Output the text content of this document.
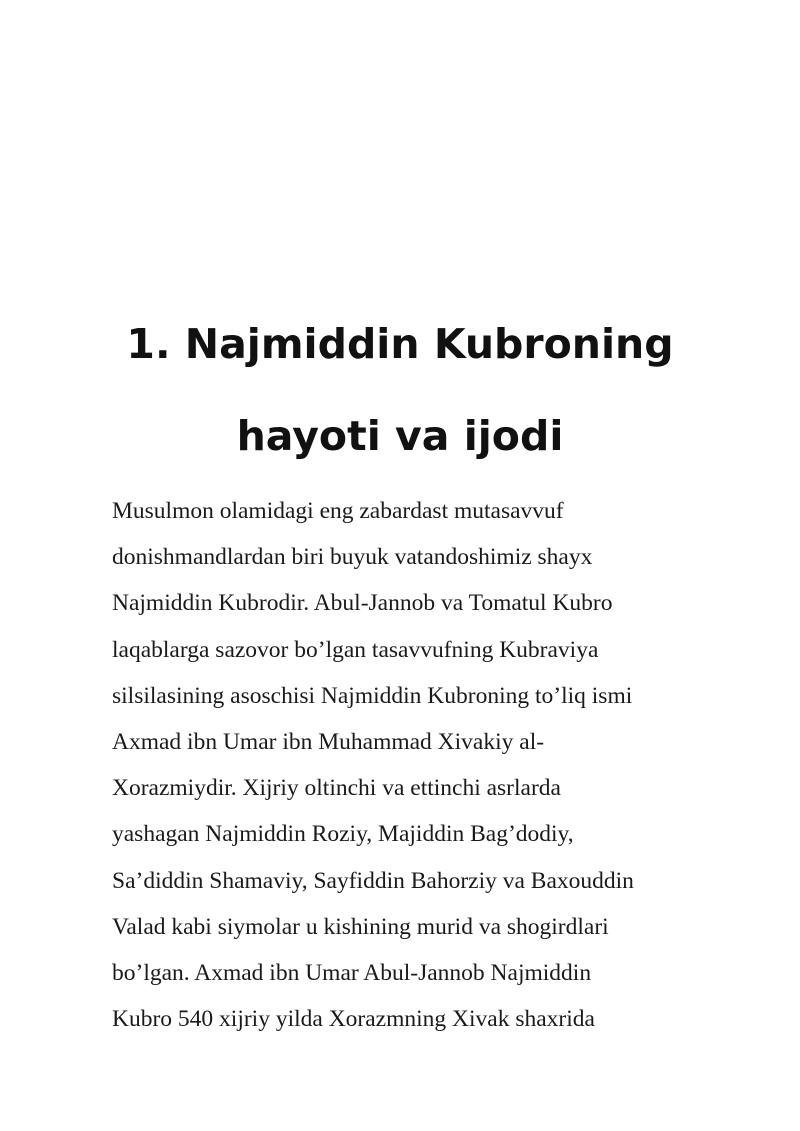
1. Najmiddin Kubroning
hayoti va ijodi
Musulmon olamidagi eng zabardast mutasavvuf
donishmandlardan biri buyuk vatandoshimiz shayx
Najmiddin Kubrodir. Abul-Jannob va Tomatul Kubro
laqablarga sazovor bo’lgan tasavvufning Kubraviya
silsilasining asoschisi Najmiddin Kubroning to’liq ismi
Axmad ibn Umar ibn Muhammad Xivakiy al-
Xorazmiydir. Xijriy oltinchi va ettinchi asrlarda
yashagan Najmiddin Roziy, Majiddin Bag’dodiy,
Sa’diddin Shamaviy, Sayfiddin Bahorziy va Baxouddin
Valad kabi siymolar u kishining murid va shogirdlari
bo’lgan. Axmad ibn Umar Abul-Jannob Najmiddin
Kubro 540 xijriy yilda Xorazmning Xivak shaxrida
